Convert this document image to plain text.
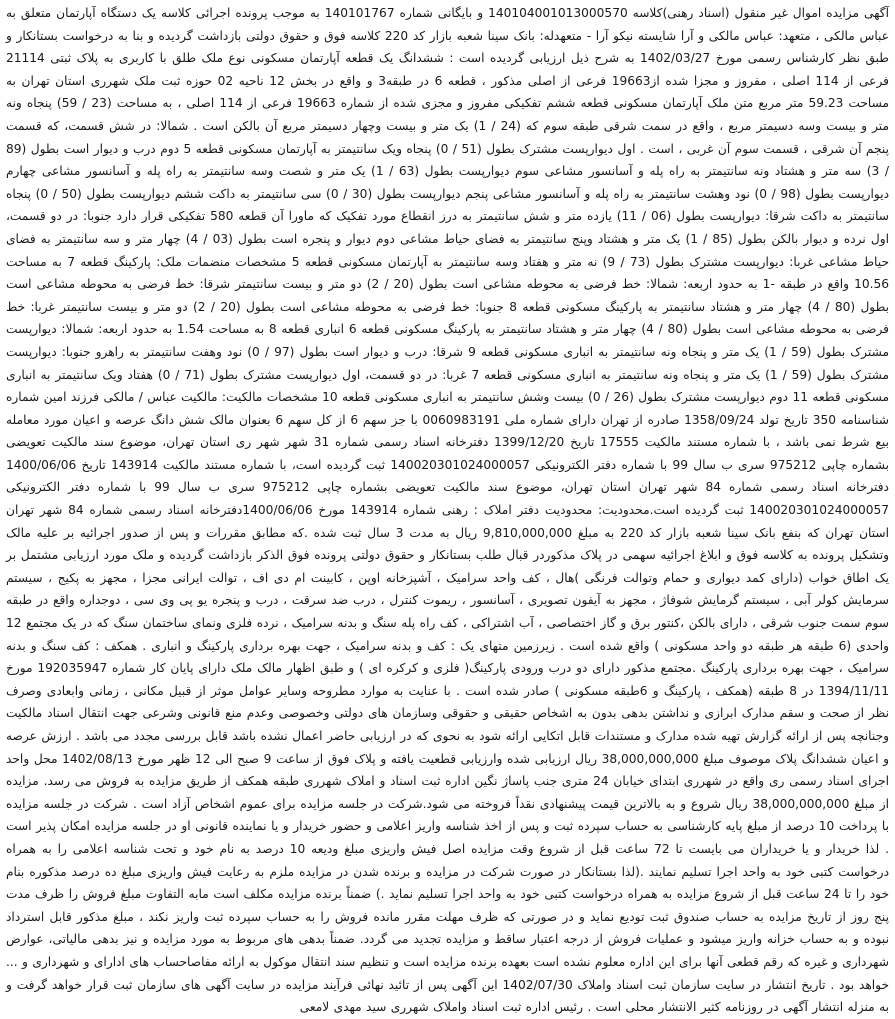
آگهی مزایده اموال غیر منقول (اسناد رهنی)کلاسه 140104001013000570 و بایگانی شماره 140101767 به موجب پرونده اجرائی کلاسه یک دستگاه آپارتمان متعلق به عباس مالکی ، متعهد: عباس مالکی و آرا شایسته نیکو آرا - متعهدله: بانک سینا شعبه بازار کد 220 کلاسه فوق و حقوق دولتی بازداشت گردیده و بنا به درخواست بستانکار و طبق نظر کارشناس رسمی مورخ 1402/03/27 به شرح ذیل ارزیابی گردیده است : ششدانگ یک قطعه آپارتمان مسکونی نوع ملک طلق با کاربری به پلاک ثبتی 21114 فرعی از 114 اصلی ، مفروز و مجزا شده از19663 فرعی از اصلی مذکور ، قطعه 6 در طبقه3 و واقع در بخش 12 ناحیه 02 حوزه ثبت ملک شهرری استان تهران به مساحت 59.23 متر مربع متن ملک آپارتمان مسکونی قطعه ششم تفکیکی مفروز و مجزی شده از شماره 19663 فرعی از 114 اصلی ، به مساحت (23 / 59) پنجاه ونه متر و بیست وسه دسیمتر مربع ، واقع در سمت شرقی طبقه سوم که (24 / 1) یک متر و بیست وچهار دسیمتر مربع آن بالکن است . شمالا: در شش قسمت، که قسمت پنجم آن شرقی ، قسمت سوم آن غربی ، است . اول دیوارپست مشترک بطول (51 / 0) پنجاه ویک سانتیمتر به آپارتمان مسکونی قطعه 5 دوم درب و دیوار است بطول (89 / 3) سه متر و هشتاد ونه سانتیمتر به راه پله و آسانسور مشاعی سوم دیوارپست بطول (63 / 1) یک متر و شصت وسه سانتیمتر به راه پله و آسانسور مشاعی چهارم دیوارپست بطول (98 / 0) نود وهشت سانتیمتر به راه پله و آسانسور مشاعی پنجم دیوارپست بطول (30 / 0) سی سانتیمتر به داکت ششم دیوارپست بطول (50 / 0) پنجاه سانتیمتر به داکت شرقا: دیوارپست بطول (06 / 11) یازده متر و شش سانتیمتر به درز انقطاع مورد تفکیک که ماورا آن قطعه 580 تفکیکی قرار دارد جنوبا: در دو قسمت، اول نرده و دیوار بالکن بطول (85 / 1) یک متر و هشتاد وپنج سانتیمتر به فضای حیاط مشاعی دوم دیوار و پنجره است بطول (03 / 4) چهار متر و سه سانتیمتر به فضای حیاط مشاعی غربا: دیوارپست مشترک بطول (73 / 9) نه متر و هفتاد وسه سانتیمتر به آپارتمان مسکونی قطعه 5 مشخصات منضمات ملک: پارکینگ قطعه 7 به مساحت 10.56 واقع در طبقه -1 به حدود اربعه: شمالا: خط فرضی به محوطه مشاعی است بطول (20 / 2) دو متر و بیست سانتیمتر شرقا: خط فرضی به محوطه مشاعی است بطول (80 / 4) چهار متر و هشتاد سانتیمتر به پارکینگ مسکونی قطعه 8 جنوبا: خط فرضی به محوطه مشاعی است بطول (20 / 2) دو متر و بیست سانتیمتر غربا: خط فرضی به محوطه مشاعی است بطول (80 / 4) چهار متر و هشتاد سانتیمتر به پارکینگ مسکونی قطعه 6 انباری قطعه 8 به مساحت 1.54 به حدود اربعه: شمالا: دیوارپست مشترک بطول (59 / 1) یک متر و پنجاه ونه سانتیمتر به انباری مسکونی قطعه 9 شرقا: درب و دیوار است بطول (97 / 0) نود وهفت سانتیمتر به راهرو جنوبا: دیوارپست مشترک بطول (59 / 1) یک متر و پنجاه ونه سانتیمتر به انباری مسکونی قطعه 7 غربا: در دو قسمت، اول دیوارپست مشترک بطول (71 / 0) هفتاد ویک سانتیمتر به انباری مسکونی قطعه 11 دوم دیوارپست مشترک بطول (26 / 0) بیست وشش سانتیمتر به انباری مسکونی قطعه 10 مشخصات مالکیت: مالکیت عباس / مالکی فرزند امین شماره شناسنامه 350 تاریخ تولد 1358/09/24 صادره از تهران دارای شماره ملی 0060983191 با جز سهم 6 از کل سهم 6 بعنوان مالک شش دانگ عرصه و اعیان مورد معامله بیع شرط نمی باشد ، با شماره مستند مالکیت 17555 تاریخ 1399/12/20 دفترخانه اسناد رسمی شماره 31 شهر شهر ری استان تهران، موضوع سند مالکیت تعویضی بشماره چاپی 975212 سری ب سال 99 با شماره دفتر الکترونیکی 140020301024000057 ثبت گردیده است، با شماره مستند مالکیت 143914 تاریخ 1400/06/06 دفترخانه اسناد رسمی شماره 84 شهر تهران استان تهران، موضوع سند مالکیت تعویضی بشماره چاپی 975212 سری ب سال 99 با شماره دفتر الکترونیکی 140020301024000057 ثبت گردیده است.محدودیت: محدودیت دفتر املاک : رهنی شماره 143914 مورخ 1400/06/06دفترخانه اسناد رسمی شماره 84 شهر تهران استان تهران که بنفع بانک سینا شعبه بازار کد 220 به مبلغ 9,810,000,000 ریال به مدت 3 سال ثبت شده .که مطابق مقررات و پس از صدور اجرائیه بر علیه مالک وتشکیل پرونده به کلاسه فوق و ابلاغ اجرائیه سهمی در پلاک مذکوردر قبال طلب بستانکار و حقوق دولتی پرونده فوق الذکر بازداشت گردیده و ملک مورد ارزیابی مشتمل بر یک اطاق خواب (دارای کمد دیواری و حمام وتوالت فرنگی )هال ، کف واحد سرامیک ، آشپزخانه اوپن ، کابینت ام دی اف ، توالت ایرانی مجزا ، مجهز به پکیج ، سیستم سرمایش کولر آبی ، سیستم گرمایش شوفاژ ، مجهز به آیفون تصویری ، آسانسور ، ریموت کنترل ، درب ضد سرقت ، درب و پنجره یو پی وی سی ، دوجداره واقع در طبقه سوم سمت جنوب شرقی ، دارای بالکن ،کنتور برق و گاز اختصاصی ، آب اشتراکی ، کف راه پله سنگ و بدنه سرامیک ، نرده فلزی ونمای ساختمان سنگ که در یک مجتمع 12 واحدی (6 طبقه هر طبقه دو واحد مسکونی ) واقع شده است . زیرزمین متهای یک : کف و بدنه سرامیک ، جهت بهره برداری پارکینگ و انباری . همکف : کف سنگ و بدنه سرامیک ، جهت بهره برداری پارکینگ .مجتمع مذکور دارای دو درب ورودی پارکینگ( فلزی و کرکره ای ) و طبق اظهار مالک ملک دارای پایان کار شماره 192035947 مورخ 1394/11/11 در 8 طبقه (همکف ، پارکینگ و 6طبقه مسکونی ) صادر شده است . با عنایت به موارد مطروحه وسایر عوامل موثر از قبیل مکانی ، زمانی وابعادی وصرف نظر از صحت و سقم مدارک ابرازی و نداشتن بدهی بدون به اشخاص حقیقی و حقوقی وسازمان های دولتی وخصوصی وعدم منع قانونی وشرعی جهت انتقال اسناد مالکیت وجنانچه پس از ارائه گزارش تهیه شده مدارک و مستندات قابل اتکایی ارائه شود به نحوی که در ارزیابی حاضر اعمال نشده باشد قابل بررسی مجدد می باشد . ارزش عرصه و اعیان ششدانگ پلاک موصوف مبلغ 38,000,000,000 ریال ارزیابی شده وارزیابی قطعیت یافته و پلاک فوق از ساعت 9 صبح الی 12 ظهر مورخ 1402/08/13 محل واحد اجرای اسناد رسمی ری واقع در شهرری ابتدای خیابان 24 متری جنب پاساژ نگین اداره ثبت اسناد و املاک شهرری طبقه همکف از طریق مزایده به فروش می رسد. مزایده از مبلغ 38,000,000,000 ریال شروع و به بالاترین قیمت پیشنهادی نقداً فروخته می شود.شرکت در جلسه مزایده برای عموم اشخاص آزاد است . شرکت در جلسه مزایده با پرداخت 10 درصد از مبلغ پایه کارشناسی به حساب سپرده ثبت و پس از اخذ شناسه واریز اعلامی و حضور خریدار و یا نماینده قانونی او در جلسه مزایده امکان پذیر است . لذا خریدار و یا خریداران می بایست تا 72 ساعت قبل از شروع وقت مزایده اصل فیش واریزی مبلغ ودیعه 10 درصد به نام خود و تحت شناسه اعلامی را به همراه درخواست کتبی خود به واحد اجرا تسلیم نمایند .(لذا بستانکار در صورت شرکت در مزایده و برنده شدن در مزایده ملزم به رعایت فیش واریزی مبلغ ده درصد مذکوره بنام خود را تا 24 ساعت قبل از شروع مزایده به همراه درخواست کتبی خود به واحد اجرا تسلیم نماید .) ضمناً برنده مزایده مکلف است مابه التفاوت مبلغ فروش را ظرف مدت پنج روز از تاریخ مزایده به حساب صندوق ثبت تودیع نماید و در صورتی که ظرف مهلت مقرر مانده فروش را به حساب سپرده ثبت واریز نکند ، مبلغ مذکور قابل استرداد نبوده و به حساب خزانه واریز میشود و عملیات فروش از درجه اعتبار ساقط و مزایده تجدید می گردد. ضمناً بدهی های مربوط به مورد مزایده و نیز بدهی مالیاتی، عوارض شهرداری و غیره که رقم قطعی آنها برای این اداره معلوم نشده است بعهده برنده مزایده است و تنظیم سند انتقال موکول به ارائه مفاصاحساب های ادارای و شهرداری و ... خواهد بود . تاریخ انتشار در سایت سازمان ثبت اسناد واملاک 1402/07/30 این آگهی پس از تائید نهائی فرآیند مزایده در سایت آگهی های سازمان ثبت قرار خواهد گرفت و به منزله انتشار آگهی در روزنامه کثیر الانتشار محلی است . رئیس اداره ثبت اسناد واملاک شهرری سید مهدی لامعی
